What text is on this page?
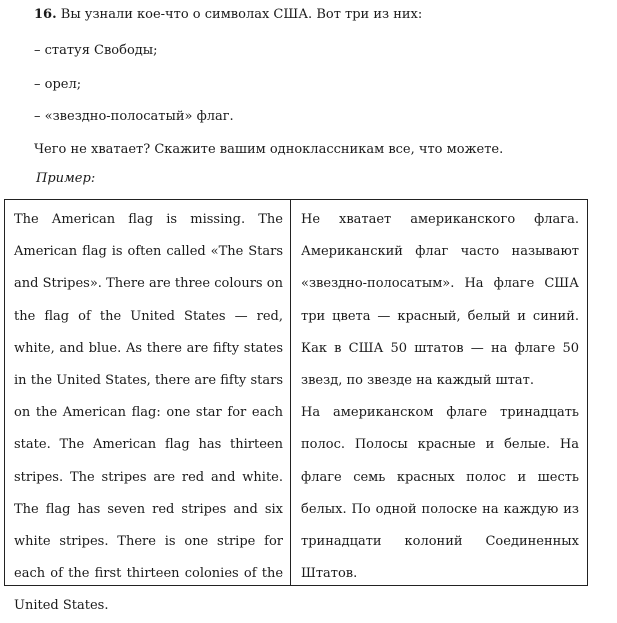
16. Вы узнали кое-что о символах США. Вот три из них:
– статуя Свободы;
– орел;
– «звездно-полосатый» флаг.
Чего не хватает? Скажите вашим одноклассникам все, что можете.
Пример:

The American flag is missing. The American flag is often called «The Stars and Stripes». There are three colours on the flag of the United States — red, white, and blue. As there are fifty states in the United States, there are fifty stars on the American flag: one star for each state. The American flag has thirteen stripes. The stripes are red and white. The flag has seven red stripes and six white stripes. There is one stripe for each of the first thirteen colonies of the United States.

Не хватает американского флага. Американский флаг часто называют «звездно-полосатым». На флаге США три цвета — красный, белый и синий. Как в США 50 штатов — на флаге 50 звезд, по звезде на каждый штат.

На американском флаге тринадцать полос. Полосы красные и белые. На флаге семь красных полос и шесть белых. По одной полоске на каждую из тринадцати колоний Соединенных Штатов.
